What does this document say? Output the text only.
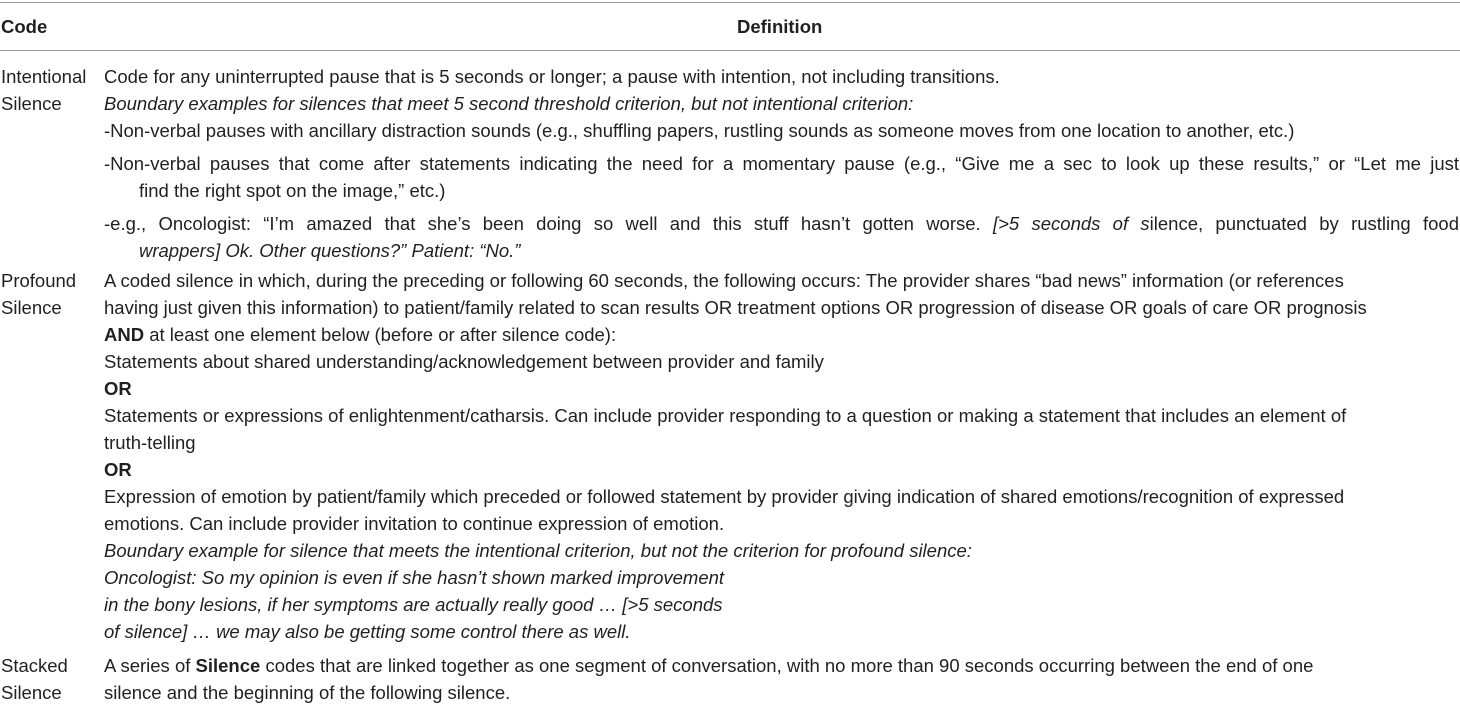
Code	Definition
Intentional
Silence
Code for any uninterrupted pause that is 5 seconds or longer; a pause with intention, not including transitions.
Boundary examples for silences that meet 5 second threshold criterion, but not intentional criterion:
-Non-verbal pauses with ancillary distraction sounds (e.g., shuffling papers, rustling sounds as someone moves from one location to another, etc.)
-Non-verbal pauses that come after statements indicating the need for a momentary pause (e.g., “Give me a sec to look up these results,” or “Let me just
find the right spot on the image,” etc.)
-e.g., Oncologist: “I’m amazed that she’s been doing so well and this stuff hasn’t gotten worse. [>5 seconds of silence, punctuated by rustling food
wrappers] Ok. Other questions?” Patient: “No.”
Profound
Silence
A coded silence in which, during the preceding or following 60 seconds, the following occurs: The provider shares “bad news” information (or references
having just given this information) to patient/family related to scan results OR treatment options OR progression of disease OR goals of care OR prognosis
AND at least one element below (before or after silence code):
Statements about shared understanding/acknowledgement between provider and family
OR
Statements or expressions of enlightenment/catharsis. Can include provider responding to a question or making a statement that includes an element of
truth-telling
OR
Expression of emotion by patient/family which preceded or followed statement by provider giving indication of shared emotions/recognition of expressed
emotions. Can include provider invitation to continue expression of emotion.
Boundary example for silence that meets the intentional criterion, but not the criterion for profound silence:
Oncologist: So my opinion is even if she hasn’t shown marked improvement
in the bony lesions, if her symptoms are actually really good … [>5 seconds
of silence] … we may also be getting some control there as well.
Stacked
Silence
A series of Silence codes that are linked together as one segment of conversation, with no more than 90 seconds occurring between the end of one
silence and the beginning of the following silence.
